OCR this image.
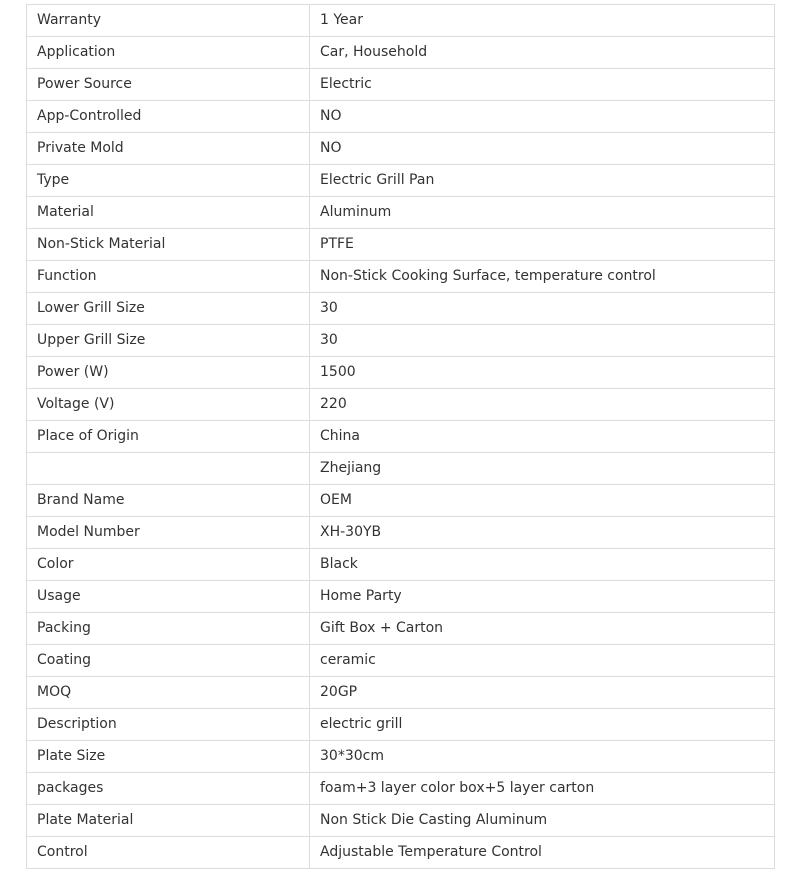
Warranty	1 Year
Application	Car, Household
Power Source	Electric
App-Controlled	NO
Private Mold	NO
Type	Electric Grill Pan
Material	Aluminum
Non-Stick Material	PTFE
Function	Non-Stick Cooking Surface, temperature control
Lower Grill Size	30
Upper Grill Size	30
Power (W)	1500
Voltage (V)	220
Place of Origin	China
	Zhejiang
Brand Name	OEM
Model Number	XH-30YB
Color	Black
Usage	Home Party
Packing	Gift Box + Carton
Coating	ceramic
MOQ	20GP
Description	electric grill
Plate Size	30*30cm
packages	foam+3 layer color box+5 layer carton
Plate Material	Non Stick Die Casting Aluminum
Control	Adjustable Temperature Control
